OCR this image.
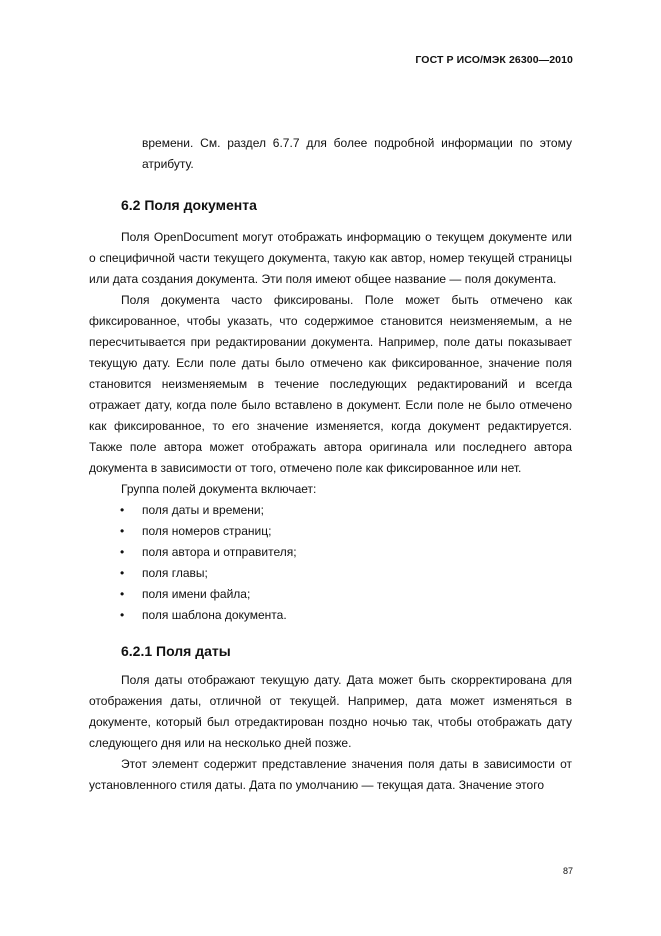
ГОСТ Р ИСО/МЭК 26300—2010

времени. См. раздел 6.7.7 для более подробной информации по этому атрибуту.

6.2 Поля документа

Поля OpenDocument могут отображать информацию о текущем документе или о специфичной части текущего документа, такую как автор, номер текущей страницы или дата создания документа. Эти поля имеют общее название — поля документа.

Поля документа часто фиксированы. Поле может быть отмечено как фиксированное, чтобы указать, что содержимое становится неизменяемым, а не пересчитывается при редактировании документа. Например, поле даты показывает текущую дату. Если поле даты было отмечено как фиксированное, значение поля становится неизменяемым в течение последующих редактирований и всегда отражает дату, когда поле было вставлено в документ. Если поле не было отмечено как фиксированное, то его значение изменяется, когда документ редактируется. Также поле автора может отображать автора оригинала или последнего автора документа в зависимости от того, отмечено поле как фиксированное или нет.

Группа полей документа включает:

• поля даты и времени;
• поля номеров страниц;
• поля автора и отправителя;
• поля главы;
• поля имени файла;
• поля шаблона документа.
6.2.1 Поля даты

Поля даты отображают текущую дату. Дата может быть скорректирована для отображения даты, отличной от текущей. Например, дата может изменяться в документе, который был отредактирован поздно ночью так, чтобы отображать дату следующего дня или на несколько дней позже.

Этот элемент содержит представление значения поля даты в зависимости от установленного стиля даты. Дата по умолчанию — текущая дата. Значение этого

87
